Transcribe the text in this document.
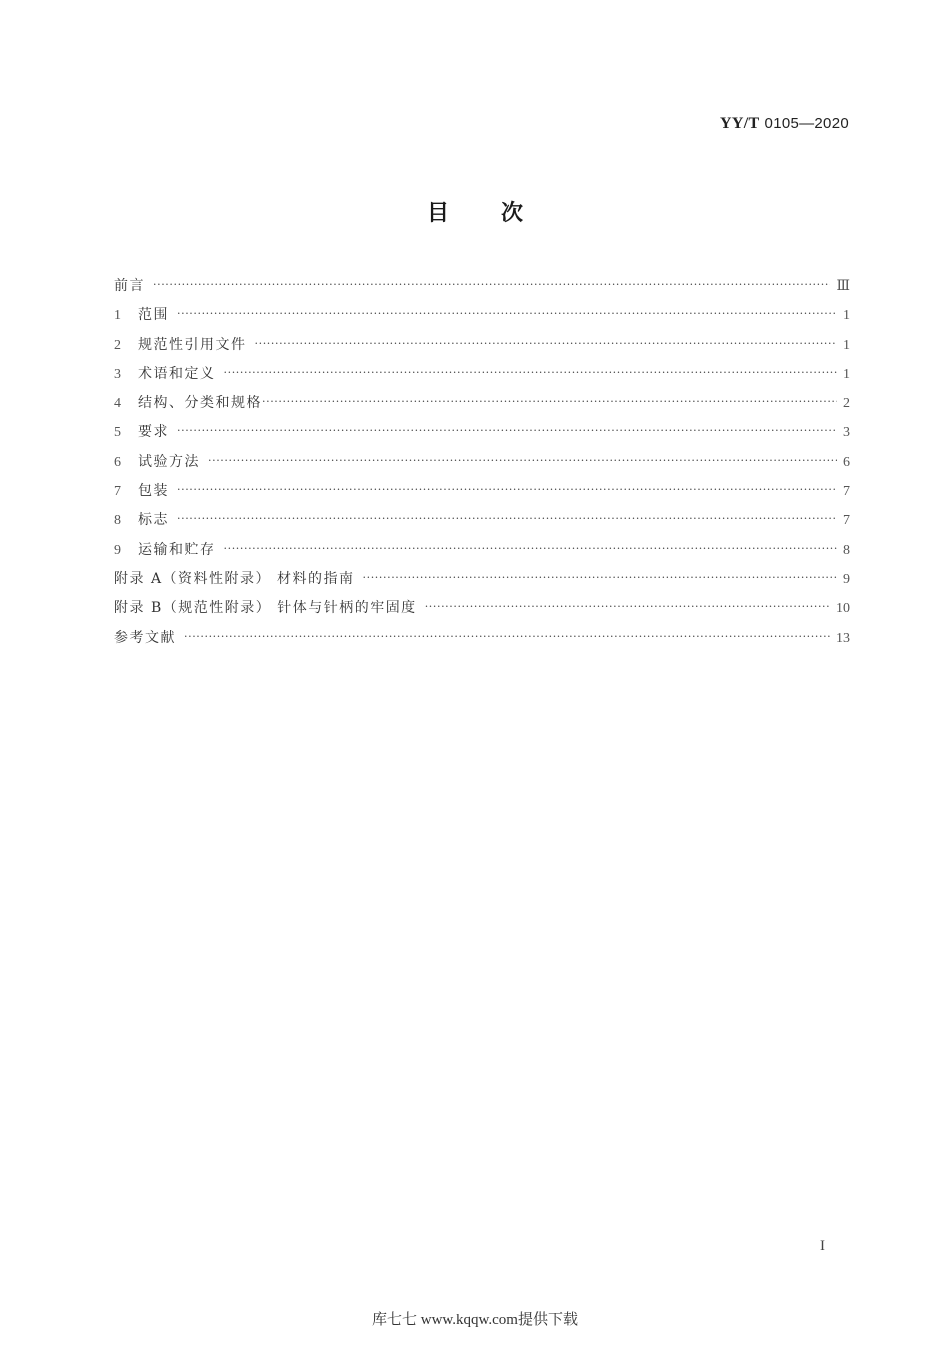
YY/T 0105—2020
目次
前言 ·····	Ⅲ
1	范围 ·····	1
2	规范性引用文件 ·····	1
3	术语和定义 ·····	1
4	结构、分类和规格 ·····	2
5	要求 ·····	3
6	试验方法 ·····	6
7	包装 ·····	7
8	标志 ·····	7
9	运输和贮存 ·····	8
附录 A（资料性附录） 材料的指南 ·····	9
附录 B（规范性附录） 针体与针柄的牢固度 ·····	10
参考文献 ·····	13
I
库七七 www.kqqw.com提供下载
